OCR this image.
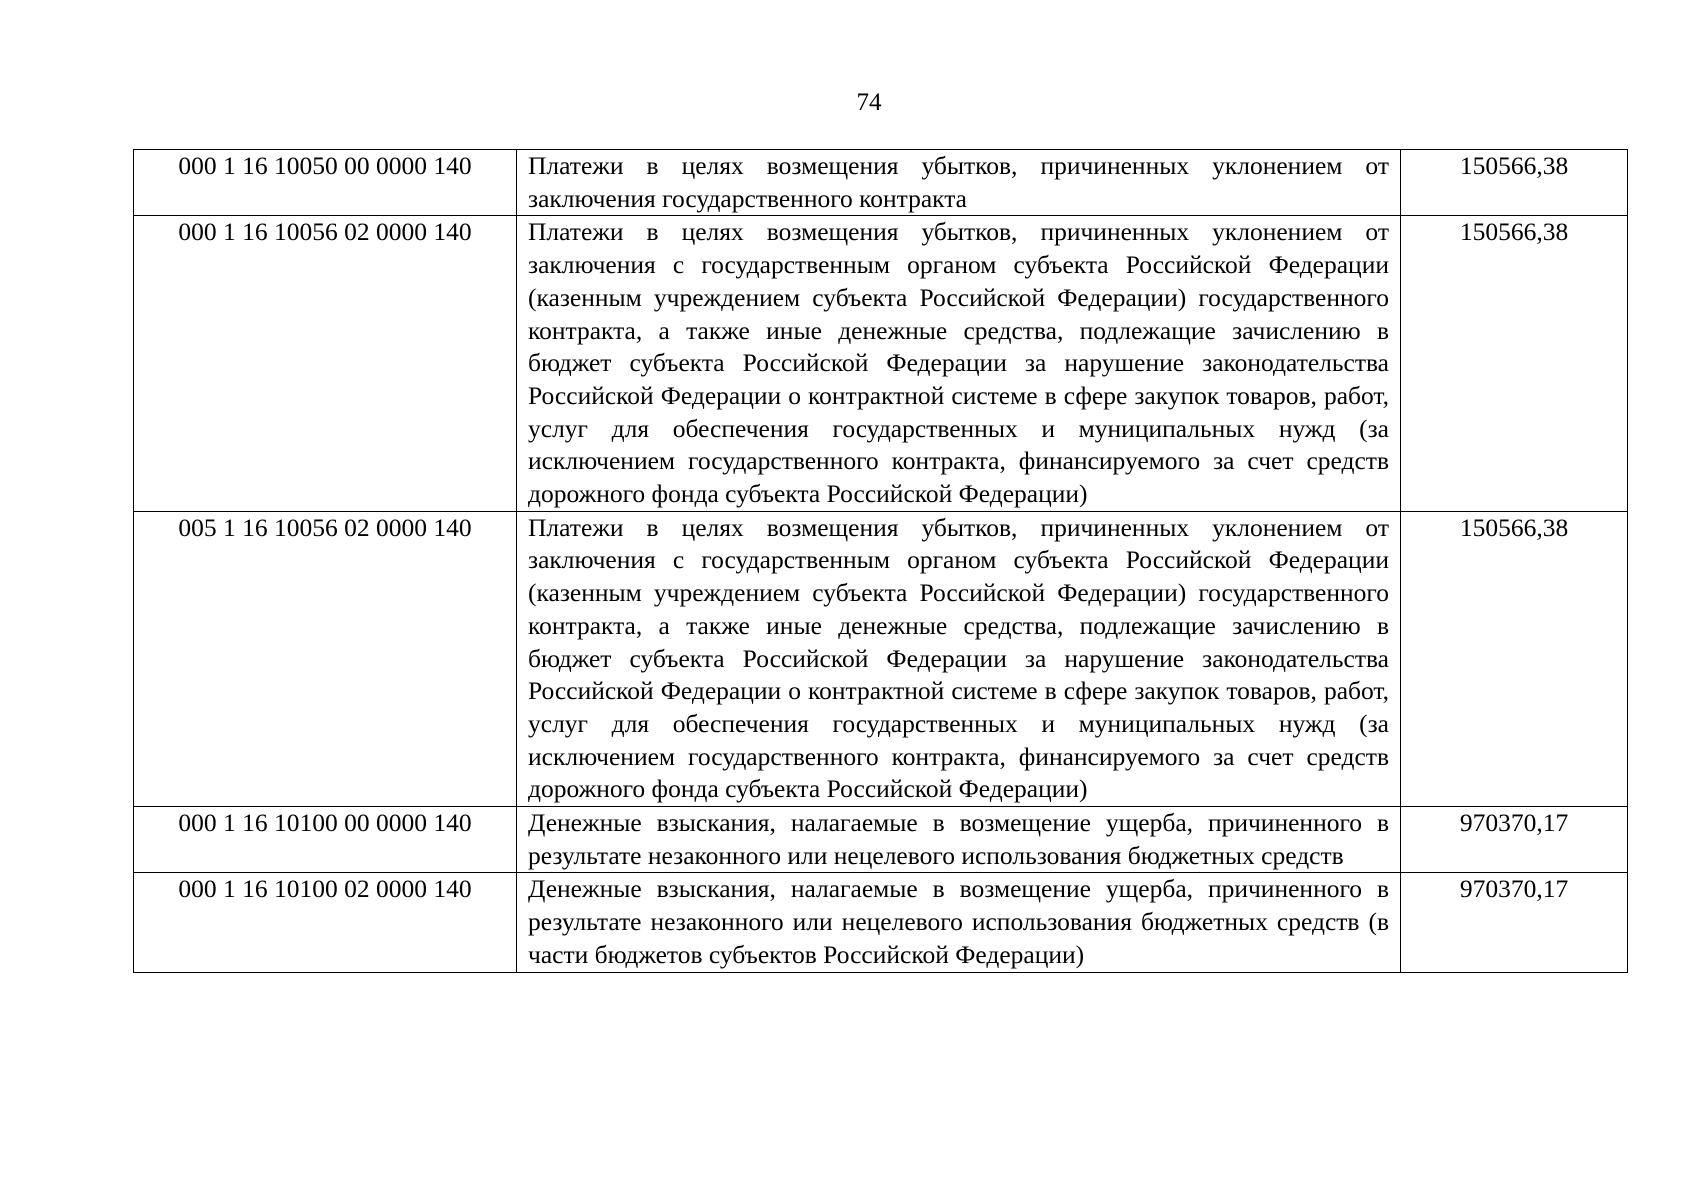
74
000 1 16 10050 00 0000 140	Платежи в целях возмещения убытков, причиненных уклонением от заключения государственного контракта	150566,38
000 1 16 10056 02 0000 140	Платежи в целях возмещения убытков, причиненных уклонением от заключения с государственным органом субъекта Российской Федерации (казенным учреждением субъекта Российской Федерации) государственного контракта, а также иные денежные средства, подлежащие зачислению в бюджет субъекта Российской Федерации за нарушение законодательства Российской Федерации о контрактной системе в сфере закупок товаров, работ, услуг для обеспечения государственных и муниципальных нужд (за исключением государственного контракта, финансируемого за счет средств дорожного фонда субъекта Российской Федерации)	150566,38
005 1 16 10056 02 0000 140	Платежи в целях возмещения убытков, причиненных уклонением от заключения с государственным органом субъекта Российской Федерации (казенным учреждением субъекта Российской Федерации) государственного контракта, а также иные денежные средства, подлежащие зачислению в бюджет субъекта Российской Федерации за нарушение законодательства Российской Федерации о контрактной системе в сфере закупок товаров, работ, услуг для обеспечения государственных и муниципальных нужд (за исключением государственного контракта, финансируемого за счет средств дорожного фонда субъекта Российской Федерации)	150566,38
000 1 16 10100 00 0000 140	Денежные взыскания, налагаемые в возмещение ущерба, причиненного в результате незаконного или нецелевого использования бюджетных средств	970370,17
000 1 16 10100 02 0000 140	Денежные взыскания, налагаемые в возмещение ущерба, причиненного в результате незаконного или нецелевого использования бюджетных средств (в части бюджетов субъектов Российской Федерации)	970370,17
